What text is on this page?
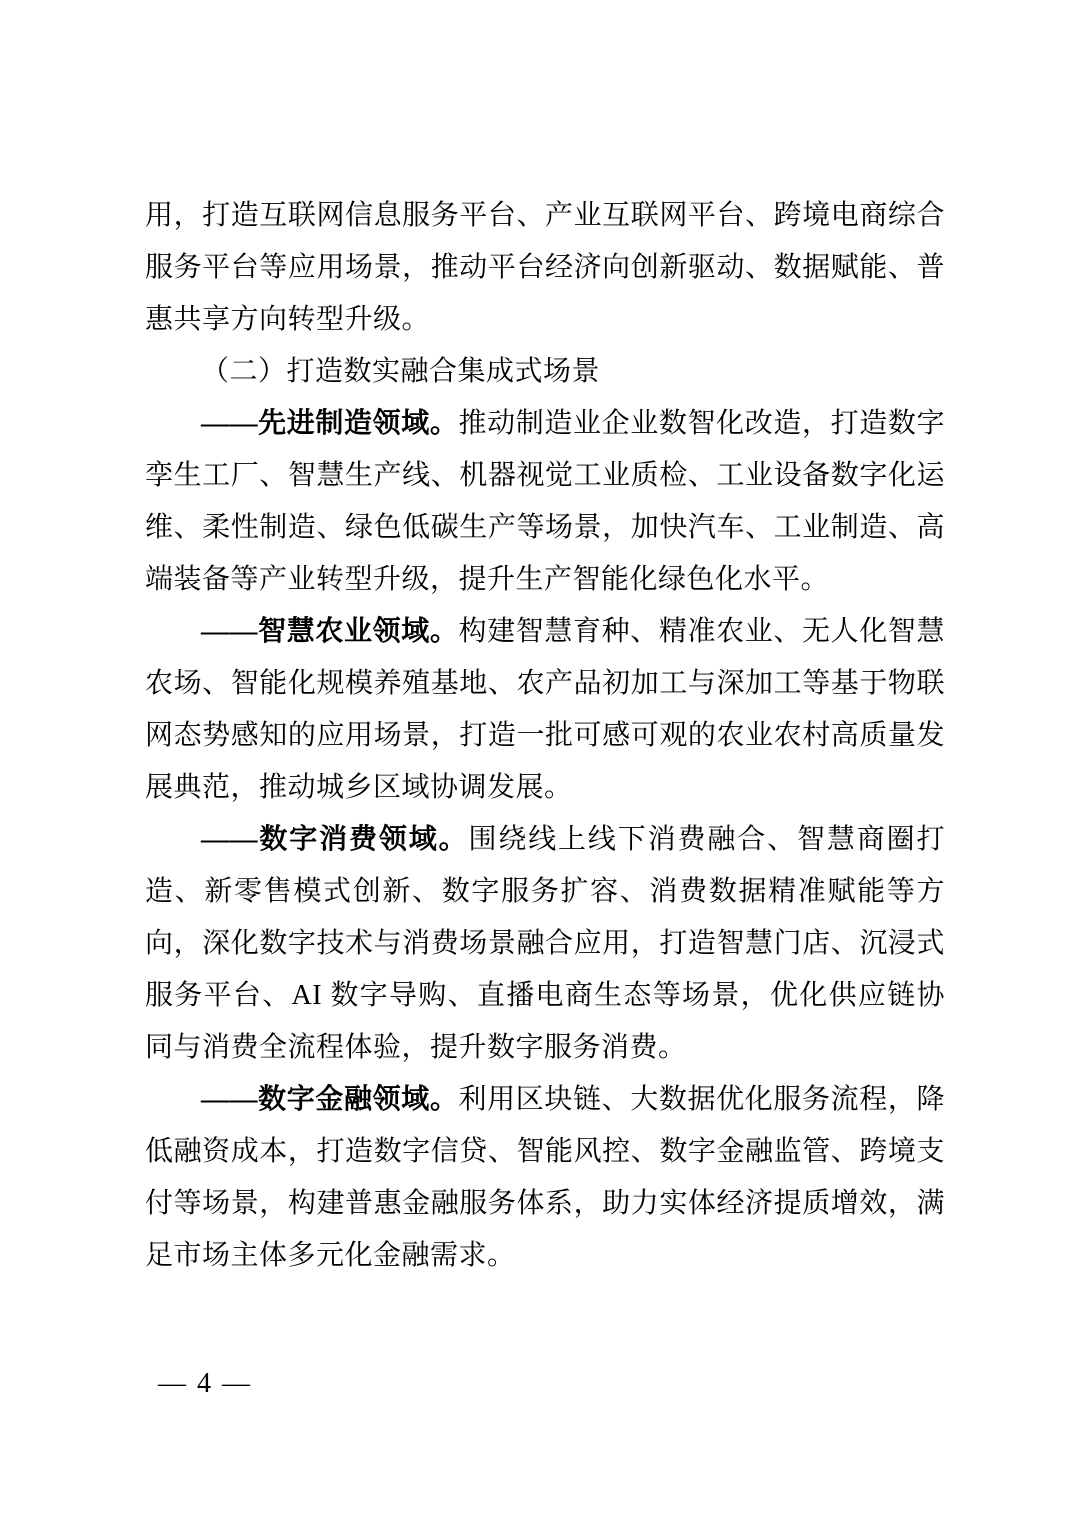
用，打造互联网信息服务平台、产业互联网平台、跨境电商综合服务平台等应用场景，推动平台经济向创新驱动、数据赋能、普惠共享方向转型升级。

（二）打造数实融合集成式场景

——先进制造领域。推动制造业企业数智化改造，打造数字孪生工厂、智慧生产线、机器视觉工业质检、工业设备数字化运维、柔性制造、绿色低碳生产等场景，加快汽车、工业制造、高端装备等产业转型升级，提升生产智能化绿色化水平。

——智慧农业领域。构建智慧育种、精准农业、无人化智慧农场、智能化规模养殖基地、农产品初加工与深加工等基于物联网态势感知的应用场景，打造一批可感可观的农业农村高质量发展典范，推动城乡区域协调发展。

——数字消费领域。围绕线上线下消费融合、智慧商圈打造、新零售模式创新、数字服务扩容、消费数据精准赋能等方向，深化数字技术与消费场景融合应用，打造智慧门店、沉浸式服务平台、AI 数字导购、直播电商生态等场景，优化供应链协同与消费全流程体验，提升数字服务消费。

——数字金融领域。利用区块链、大数据优化服务流程，降低融资成本，打造数字信贷、智能风控、数字金融监管、跨境支付等场景，构建普惠金融服务体系，助力实体经济提质增效，满足市场主体多元化金融需求。

— 4 —
